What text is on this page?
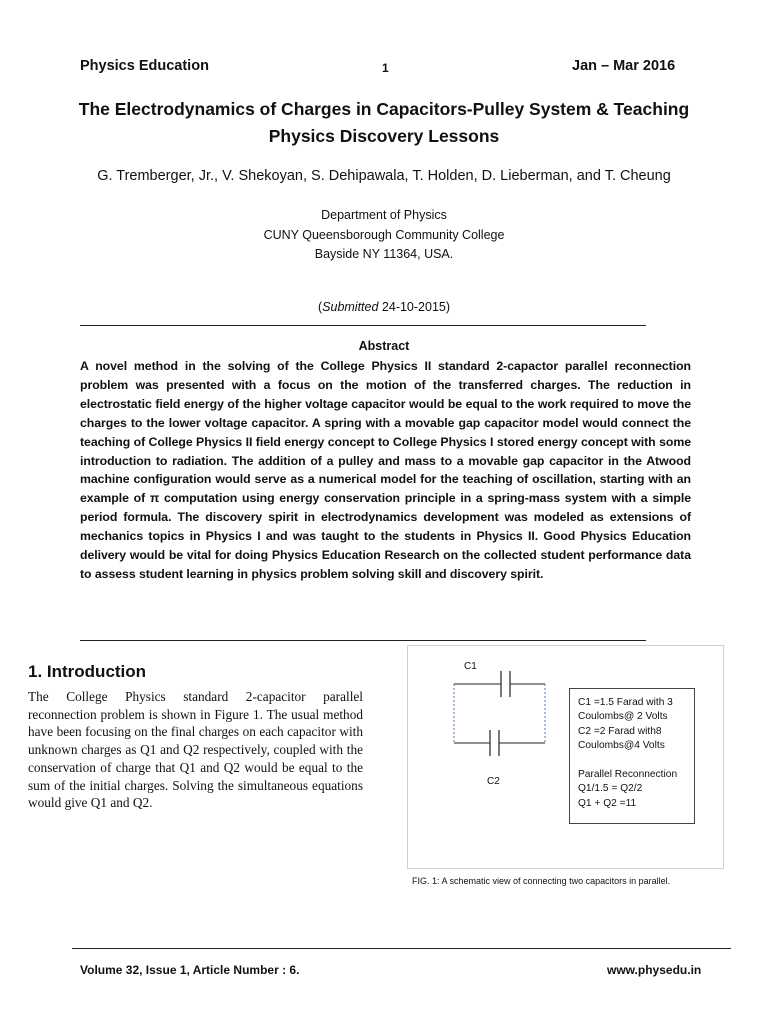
Physics Education	1	Jan – Mar 2016
The Electrodynamics of Charges in Capacitors-Pulley System & Teaching
Physics Discovery Lessons
G. Tremberger, Jr., V. Shekoyan, S. Dehipawala, T. Holden, D. Lieberman, and T. Cheung
Department of Physics
CUNY Queensborough Community College
Bayside NY 11364, USA.
(Submitted 24-10-2015)
Abstract
A novel method in the solving of the College Physics II standard 2-capactor parallel reconnection problem was presented with a focus on the motion of the transferred charges. The reduction in electrostatic field energy of the higher voltage capacitor would be equal to the work required to move the charges to the lower voltage capacitor. A spring with a movable gap capacitor model would connect the teaching of College Physics II field energy concept to College Physics I stored energy concept with some introduction to radiation. The addition of a pulley and mass to a movable gap capacitor in the Atwood machine configuration would serve as a numerical model for the teaching of oscillation, starting with an example of π computation using energy conservation principle in a spring-mass system with a simple period formula. The discovery spirit in electrodynamics development was modeled as extensions of mechanics topics in Physics I and was taught to the students in Physics II. Good Physics Education delivery would be vital for doing Physics Education Research on the collected student performance data to assess student learning in physics problem solving skill and discovery spirit.
1. Introduction
The College Physics standard 2-capacitor parallel reconnection problem is shown in Figure 1. The usual method have been focusing on the final charges on each capacitor with unknown charges as Q1 and Q2 respectively, coupled with the conservation of charge that Q1 and Q2 would be equal to the sum of the initial charges. Solving the simultaneous equations would give Q1 and Q2.
C1
C2
C1 =1.5 Farad with 3
Coulombs@ 2 Volts
C2 =2 Farad with8
Coulombs@4 Volts
Parallel Reconnection
Q1/1.5 = Q2/2
Q1 + Q2 =11
FIG. 1: A schematic view of connecting two capacitors in parallel.
Volume 32, Issue 1, Article Number : 6.	www.physedu.in
